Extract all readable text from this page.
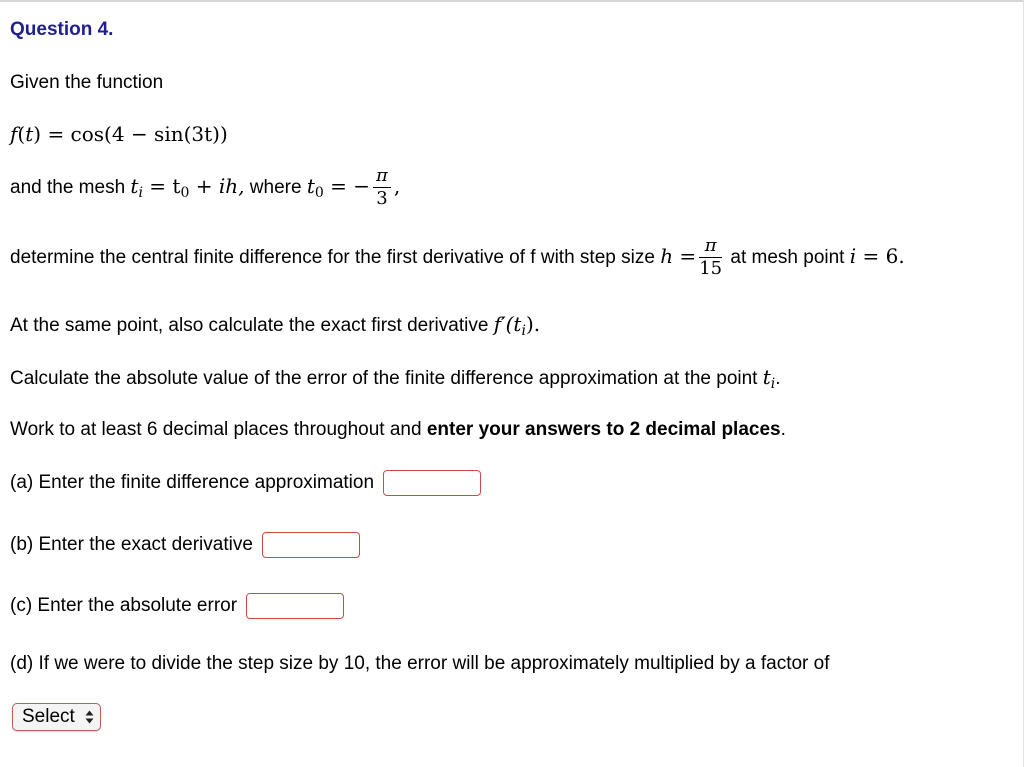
Question 4.
Given the function
f(t) = cos(4 − sin(3t))
and the mesh $t_i = t_0$ + ih, where $t_0$ = − $\frac{\pi}{3}$ ,
determine the central finite difference for the first derivative of f with step size $h = \frac{\pi}{15}$ at mesh point i = 6.
At the same point, also calculate the exact first derivative $f'(t_i)$.
Calculate the absolute value of the error of the finite difference approximation at the point $t_i$.
Work to at least 6 decimal places throughout and enter your answers to 2 decimal places.
(a) Enter the finite difference approximation
(b) Enter the exact derivative
(c) Enter the absolute error
(d) If we were to divide the step size by 10, the error will be approximately multiplied by a factor of
Select
